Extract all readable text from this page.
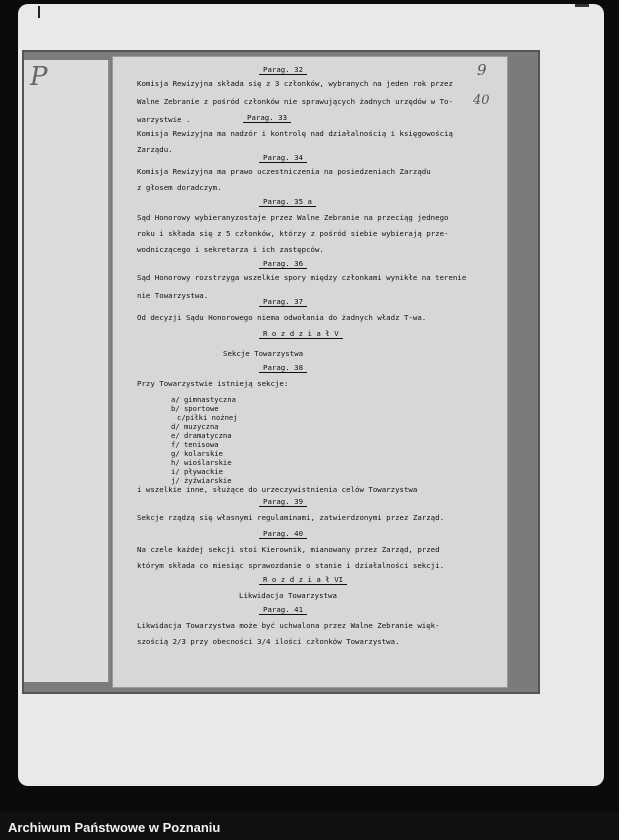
P	9
40
Parag. 32
Komisja Rewizyjna składa się z 3 członków, wybranych na jeden rok przez
Walne Zebranie z pośród członków nie sprawujących żadnych urzędów w To-
warzystwie .	Parag. 33
Komisja Rewizyjna ma nadzór i kontrolę nad działalnością i księgowością
Zarządu.
Parag. 34
Komisja Rewizyjna ma prawo uczestniczenia na posiedzeniach Zarządu
z głosem doradczym.
Parag. 35 a
Sąd Honorowy wybieranyzostaje przez Walne Zebranie na przeciąg jednego
roku i składa się z 5 członków, którzy z pośród siebie wybierają prze-
wodniczącego i sekretarza i ich zastępców.
Parag. 36
Sąd Honorowy rozstrzyga wszelkie spory między członkami wynikłe na terenie
nie Towarzystwa.
Parag. 37
Od decyzji Sądu Honorowego niema odwołania do żadnych władz T-wa.
R o z d z i a ł V
Sekcje Towarzystwa
Parag. 38
Przy Towarzystwie istnieją sekcje:
a/ gimnastyczna
b/ sportowe
c/piłki nożnej
d/ muzyczna
e/ dramatyczna
f/ tenisowa
g/ kolarskie
h/ wioślarskie
i/ pływackie
j/ żyźwiarskie
i wszelkie inne, służące do urzeczywistnienia celów Towarzystwa
Parag. 39
Sekcje rządzą się własnymi regulaminami, zatwierdzonymi przez Zarząd.
Parag. 40
Na czele każdej sekcji stoi Kierownik, mianowany przez Zarząd, przed
którym składa co miesiąc sprawozdanie o stanie i działalności sekcji.
R o z d z i a ł VI
Likwidacja Towarzystwa
Parag. 41
Likwidacja Towarzystwa może być uchwalona przez Walne Zebranie więk-
szością 2/3 przy obecności 3/4 ilości członków Towarzystwa.
Archiwum Państwowe w Poznaniu
